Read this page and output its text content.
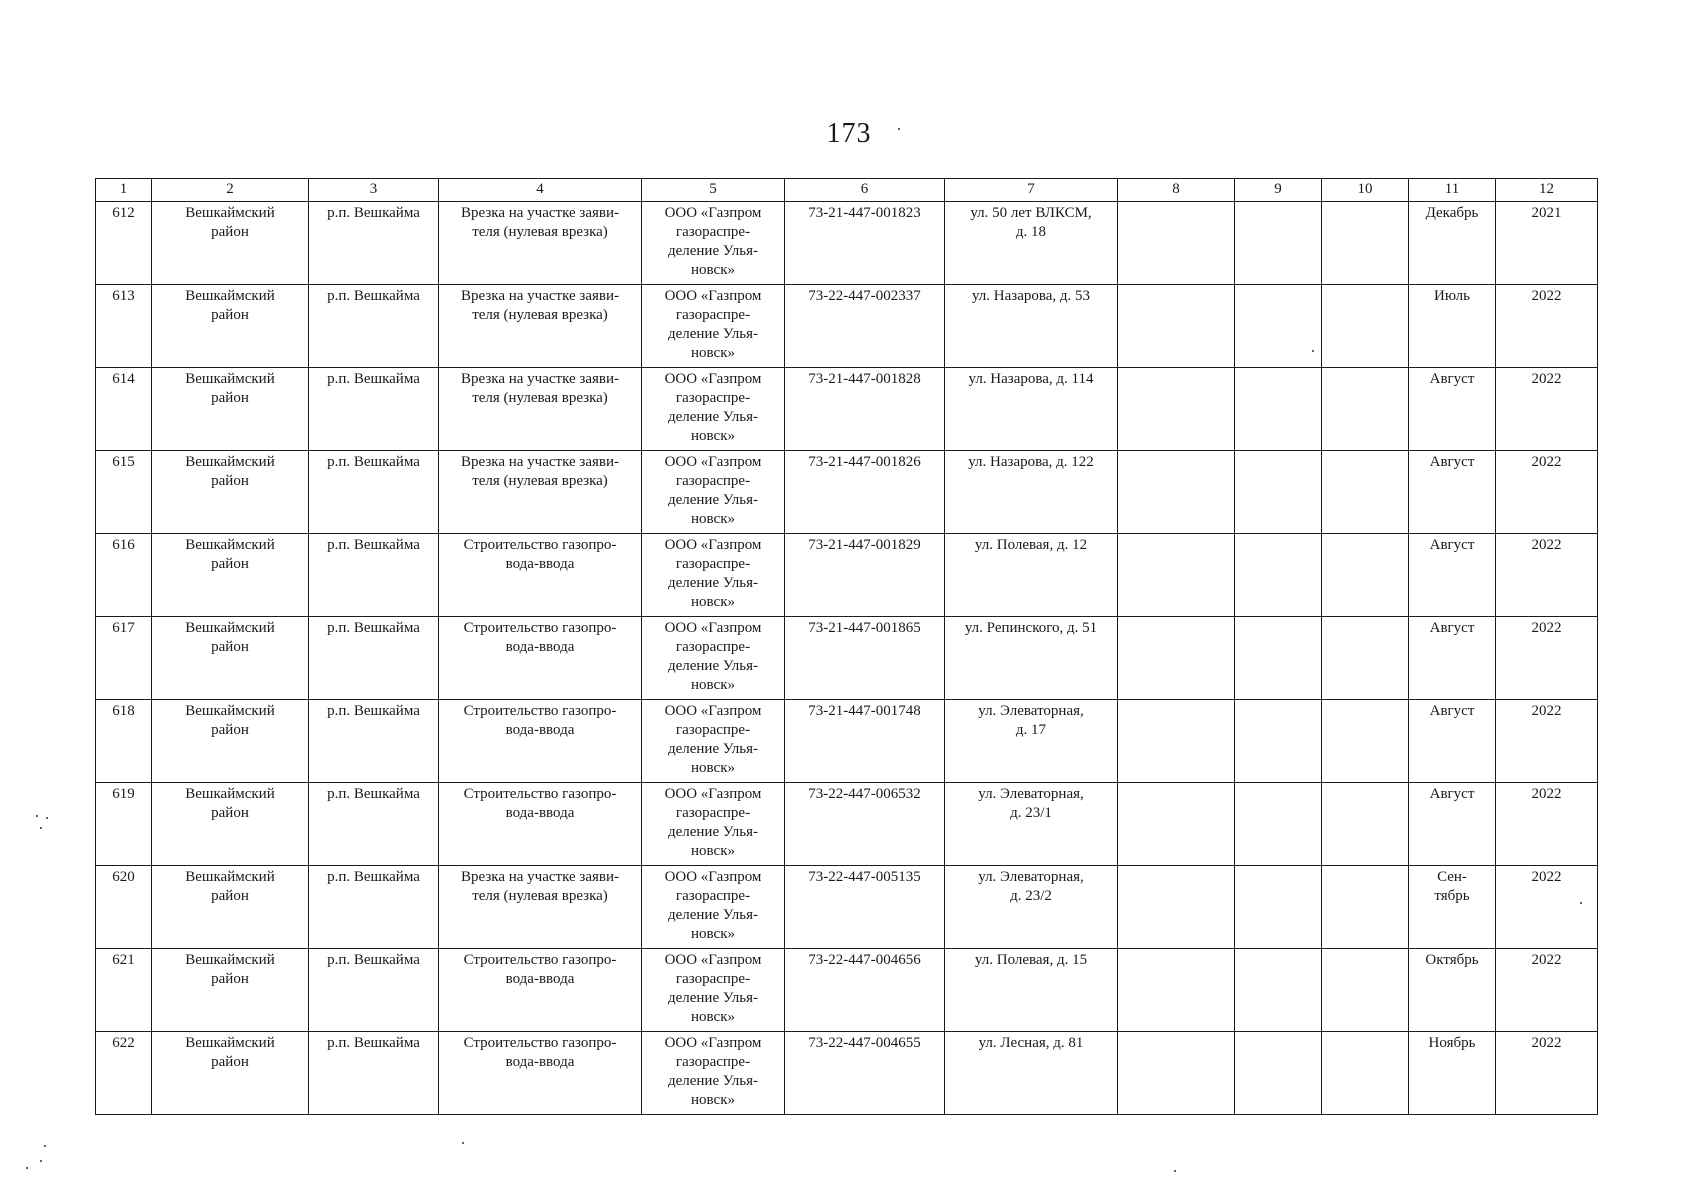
173
1	2	3	4	5	6	7	8	9	10	11	12
612	Вешкаймский
район	р.п. Вешкайма	Врезка на участке заяви-
теля (нулевая врезка)	ООО «Газпром
газораспре-
деление Улья-
новск»	73-21-447-001823	ул. 50 лет ВЛКСМ,
д. 18				Декабрь	2021
613	Вешкаймский
район	р.п. Вешкайма	Врезка на участке заяви-
теля (нулевая врезка)	ООО «Газпром
газораспре-
деление Улья-
новск»	73-22-447-002337	ул. Назарова, д. 53				Июль	2022
614	Вешкаймский
район	р.п. Вешкайма	Врезка на участке заяви-
теля (нулевая врезка)	ООО «Газпром
газораспре-
деление Улья-
новск»	73-21-447-001828	ул. Назарова, д. 114				Август	2022
615	Вешкаймский
район	р.п. Вешкайма	Врезка на участке заяви-
теля (нулевая врезка)	ООО «Газпром
газораспре-
деление Улья-
новск»	73-21-447-001826	ул. Назарова, д. 122				Август	2022
616	Вешкаймский
район	р.п. Вешкайма	Строительство газопро-
вода-ввода	ООО «Газпром
газораспре-
деление Улья-
новск»	73-21-447-001829	ул. Полевая, д. 12				Август	2022
617	Вешкаймский
район	р.п. Вешкайма	Строительство газопро-
вода-ввода	ООО «Газпром
газораспре-
деление Улья-
новск»	73-21-447-001865	ул. Репинского, д. 51				Август	2022
618	Вешкаймский
район	р.п. Вешкайма	Строительство газопро-
вода-ввода	ООО «Газпром
газораспре-
деление Улья-
новск»	73-21-447-001748	ул. Элеваторная,
д. 17				Август	2022
619	Вешкаймский
район	р.п. Вешкайма	Строительство газопро-
вода-ввода	ООО «Газпром
газораспре-
деление Улья-
новск»	73-22-447-006532	ул. Элеваторная,
д. 23/1				Август	2022
620	Вешкаймский
район	р.п. Вешкайма	Врезка на участке заяви-
теля (нулевая врезка)	ООО «Газпром
газораспре-
деление Улья-
новск»	73-22-447-005135	ул. Элеваторная,
д. 23/2				Сен-
тябрь	2022
621	Вешкаймский
район	р.п. Вешкайма	Строительство газопро-
вода-ввода	ООО «Газпром
газораспре-
деление Улья-
новск»	73-22-447-004656	ул. Полевая, д. 15				Октябрь	2022
622	Вешкаймский
район	р.п. Вешкайма	Строительство газопро-
вода-ввода	ООО «Газпром
газораспре-
деление Улья-
новск»	73-22-447-004655	ул. Лесная, д. 81				Ноябрь	2022
